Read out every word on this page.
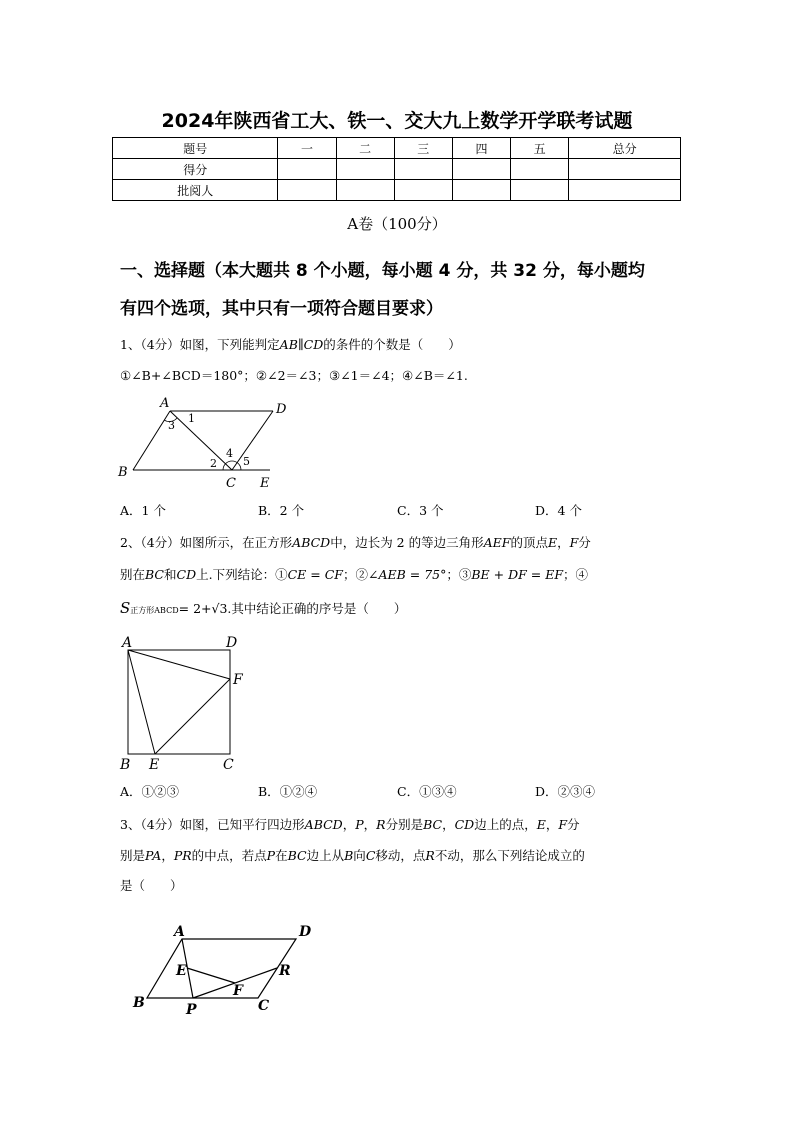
2024年陕西省工大、铁一、交大九上数学开学联考试题
题号	一	二	三	四	五	总分
得分						
批阅人						
A卷（100分）
一、选择题（本大题共 8 个小题，每小题 4 分，共 32 分，每小题均
有四个选项，其中只有一项符合题目要求）
1、（4分）如图，下列能判定AB∥CD的条件的个数是（　　）
①∠B+∠BCD＝180°；②∠2＝∠3；③∠1＝∠4；④∠B＝∠1.
A
B
C
D
E
1
2
3
4
5
A．1 个	B．2 个	C．3 个	D．4 个
2、（4分）如图所示，在正方形ABCD中，边长为 2 的等边三角形AEF的顶点E，F分
别在BC和CD上.下列结论：①CE = CF；②∠AEB = 75°；③BE + DF = EF；④
S正方形ABCD= 2+√3.其中结论正确的序号是（　　）
A	D
F
B E	C
A．①②③	B．①②④	C．①③④	D．②③④
3、（4分）如图，已知平行四边形ABCD，P，R分别是BC，CD边上的点，E，F分
别是PA，PR的中点，若点P在BC边上从B向C移动，点R不动，那么下列结论成立的
是（　　）
A	D
E	R
F
B	P	C
